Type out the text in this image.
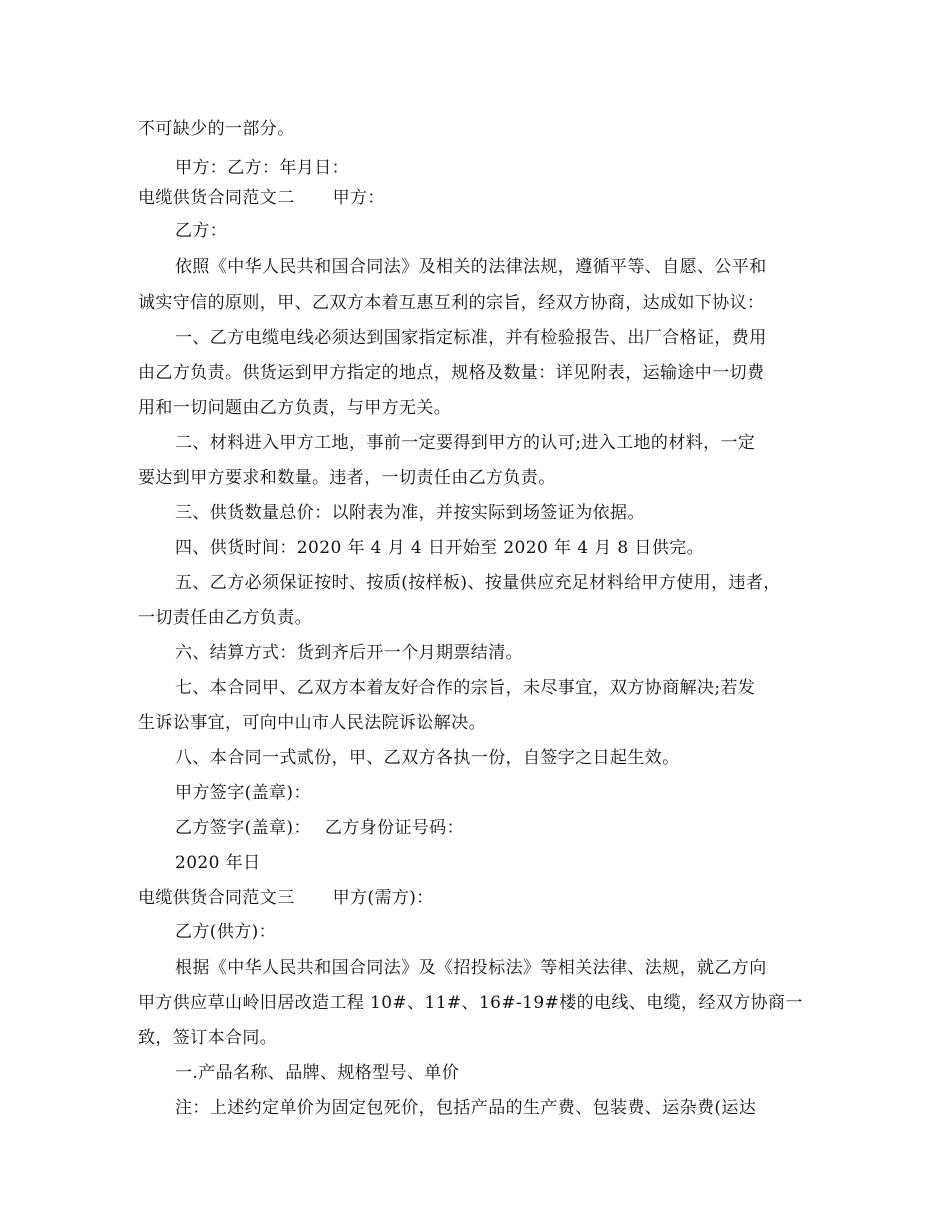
不可缺少的一部分。
甲方：乙方：年月日：
电缆供货合同范文二 甲方：
乙方：
依照《中华人民共和国合同法》及相关的法律法规，遵循平等、自愿、公平和
诚实守信的原则，甲、乙双方本着互惠互利的宗旨，经双方协商，达成如下协议：
一、乙方电缆电线必须达到国家指定标准，并有检验报告、出厂合格证，费用
由乙方负责。供货运到甲方指定的地点，规格及数量：详见附表，运输途中一切费
用和一切问题由乙方负责，与甲方无关。
二、材料进入甲方工地，事前一定要得到甲方的认可;进入工地的材料，一定
要达到甲方要求和数量。违者，一切责任由乙方负责。
三、供货数量总价：以附表为准，并按实际到场签证为依据。
四、供货时间：2020 年 4 月 4 日开始至 2020 年 4 月 8 日供完。
五、乙方必须保证按时、按质(按样板)、按量供应充足材料给甲方使用，违者，
一切责任由乙方负责。
六、结算方式：货到齐后开一个月期票结清。
七、本合同甲、乙双方本着友好合作的宗旨，未尽事宜，双方协商解决;若发
生诉讼事宜，可向中山市人民法院诉讼解决。
八、本合同一式贰份，甲、乙双方各执一份，自签字之日起生效。
甲方签字(盖章)：
乙方签字(盖章)： 乙方身份证号码：
2020 年日
电缆供货合同范文三 甲方(需方)：
乙方(供方)：
根据《中华人民共和国合同法》及《招投标法》等相关法律、法规，就乙方向
甲方供应草山岭旧居改造工程 10#、11#、16#-19#楼的电线、电缆，经双方协商一
致，签订本合同。
一.产品名称、品牌、规格型号、单价
注：上述约定单价为固定包死价，包括产品的生产费、包装费、运杂费(运达
